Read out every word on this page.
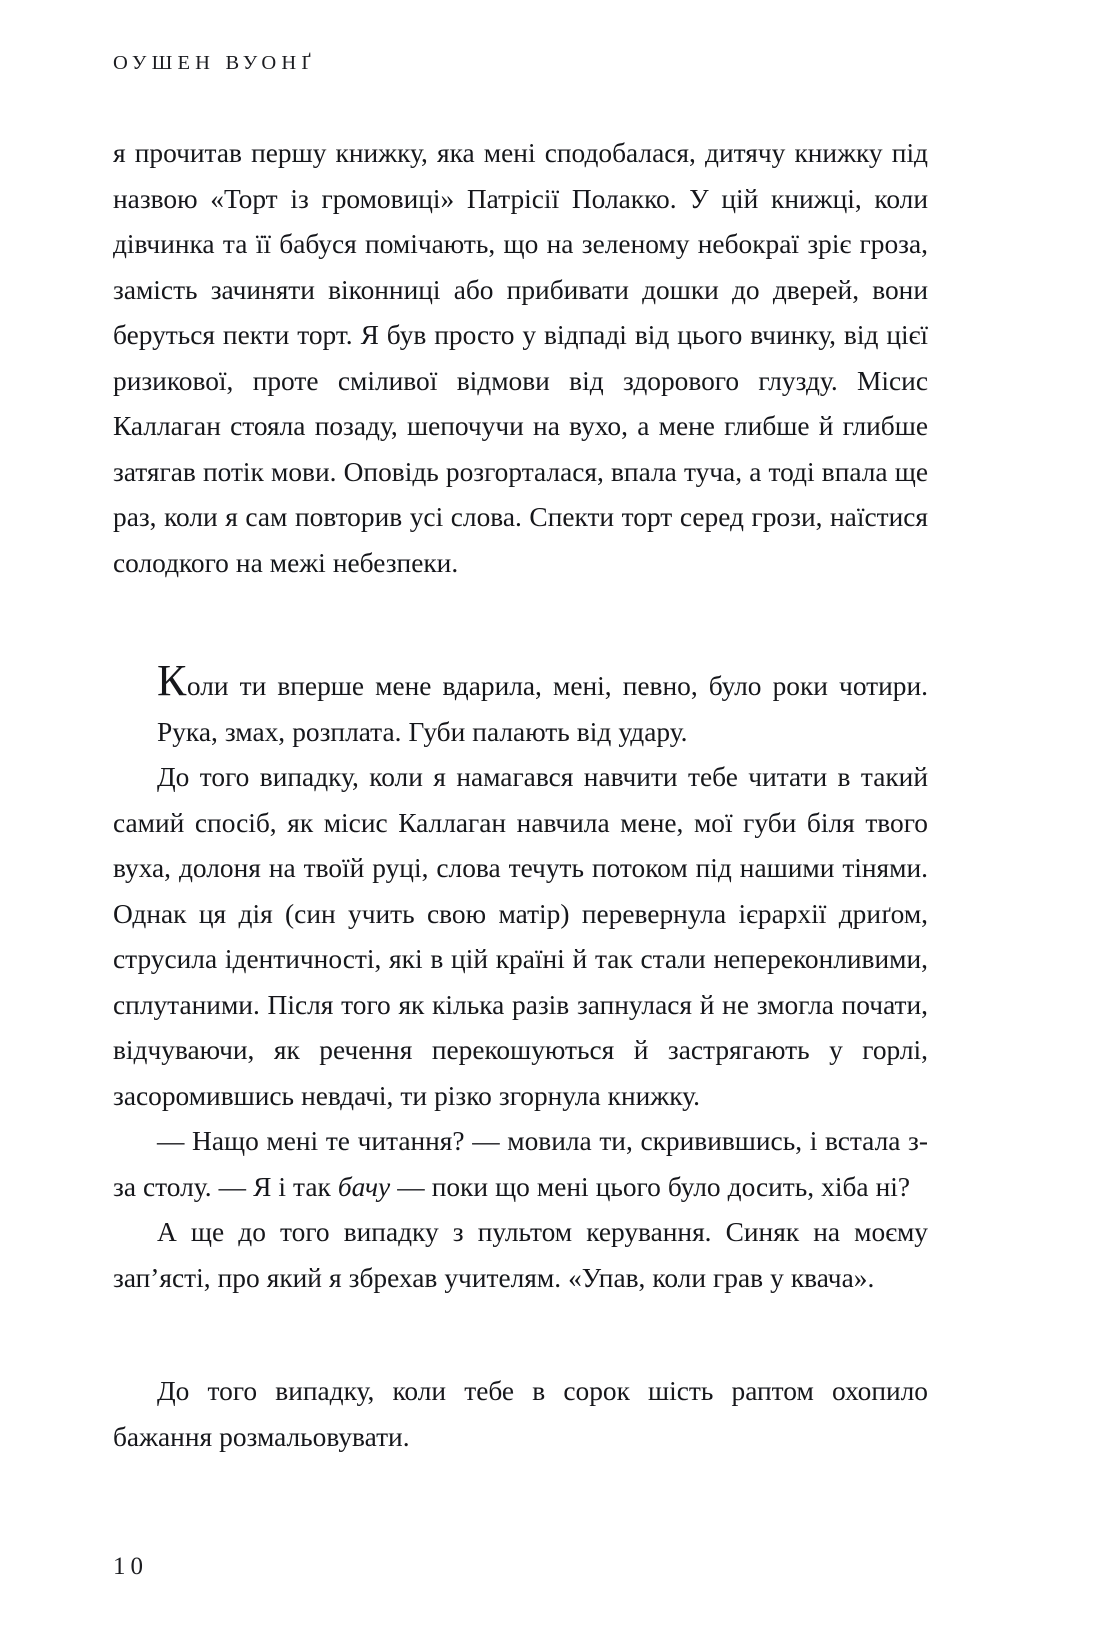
ОУШЕН ВУОНҐ

я прочитав першу книжку, яка мені сподобалася, дитячу книжку під назвою «Торт із громовиці» Патрісії Полакко. У цій книжці, коли дівчинка та її бабуся помічають, що на зеленому небокраї зріє гроза, замість зачиняти віконниці або прибивати дошки до дверей, вони беруться пекти торт. Я був просто у відпаді від цього вчинку, від цієї ризикової, проте сміливої відмови від здорового глузду. Місис Каллаган стояла позаду, шепочучи на вухо, а мене глибше й глибше затягав потік мови. Оповідь розгорталася, впала туча, а тоді впала ще раз, коли я сам повторив усі слова. Спекти торт серед грози, наїстися солодкого на межі небезпеки.

Коли ти вперше мене вдарила, мені, певно, було роки чотири. Рука, змах, розплата. Губи палають від удару.

До того випадку, коли я намагався навчити тебе читати в такий самий спосіб, як місис Каллаган навчила мене, мої губи біля твого вуха, долоня на твоїй руці, слова течуть потоком під нашими тінями. Однак ця дія (син учить свою матір) перевернула ієрархії дриґом, струсила ідентичності, які в цій країні й так стали непереконливими, сплутаними. Після того як кілька разів запнулася й не змогла почати, відчуваючи, як речення перекошуються й застрягають у горлі, засоромившись невдачі, ти різко згорнула книжку.

— Нащо мені те читання? — мовила ти, скривившись, і встала з-за столу. — Я і так бачу — поки що мені цього було досить, хіба ні?

А ще до того випадку з пультом керування. Синяк на моєму зап’ясті, про який я збрехав учителям. «Упав, коли грав у квача».

До того випадку, коли тебе в сорок шість раптом охопило бажання розмальовувати.

10
